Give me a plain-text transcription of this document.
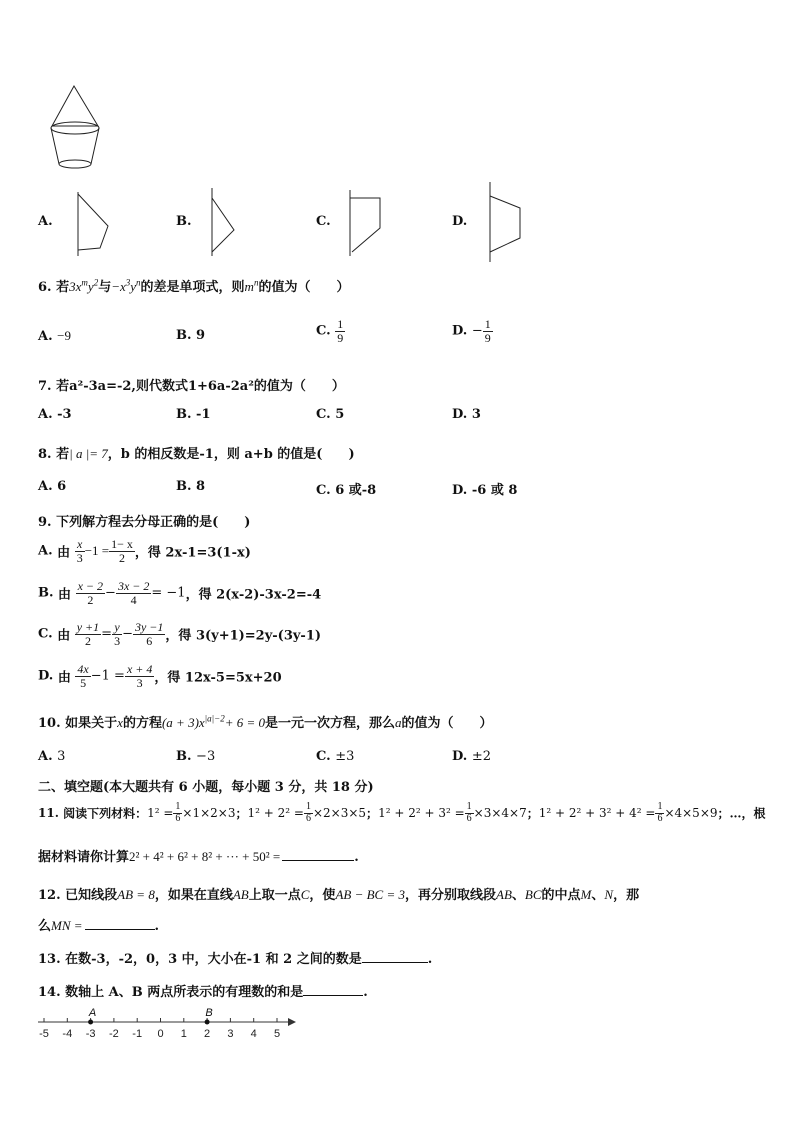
A.	B.	C.	D.
6. 若$3x^my^2$与$-x^3y^n$的差是单项式，则$m^n$的值为（　　）
A. −9	B. 9	C. $\frac{1}{9}$	D. − $\frac{1}{9}$
7. 若a²-3a=-2,则代数式1+6a-2a²的值为（　　）
A. -3	B. -1	C. 5	D. 3
8. 若| a |= 7，b 的相反数是-1，则 a+b 的值是(　　)
A. 6	B. 8	C. 6 或-8	D. -6 或 8
9. 下列解方程去分母正确的是(　　)
A. 由 $\frac{x}{3} -1 = \frac{1- x}{2}$ ，得 2x-1=3(1-x)
B. 由 $\frac{x - 2}{2} - \frac{3x - 2}{4} = -1$，得 2(x-2)-3x-2=-4
C. 由 $\frac{y +1}{2} = \frac{y}{3} - \frac{3y -1}{6}$ ，得 3(y+1)=2y-(3y-1)
D. 由 $\frac{4x}{5} -1 = \frac{x + 4}{3}$ ，得 12x-5=5x+20
10. 如果关于x的方程$(a + 3)x^{|a|-2}+ 6 = 0$是一元一次方程，那么a的值为（　　）
A. 3	B. −3	C. ±3	D. ±2
二、填空题(本大题共有 6 小题，每小题 3 分，共 18 分)
11. 阅读下列材料：$1^2 = \frac{1}{6} \times 1\times 2\times 3$；$1^2 + 2^2 = \frac{1}{6} \times 2\times 3\times 5$；$1^2 + 2^2 + 3^2 = \frac{1}{6} \times 3\times 4\times 7$；$1^2 + 2^2 + 3^2 + 4^2 = \frac{1}{6} \times 4\times 5\times 9$；…，根
据材料请你计算2² + 4² + 6² + 8² + ··· + 50² =	.
12. 已知线段AB = 8，如果在直线AB上取一点C，使AB − BC = 3，再分别取线段AB、BC的中点M、N，那
么MN =	.
13. 在数-3，-2，0，3 中，大小在-1 和 2 之间的数是	.
14. 数轴上 A、B 两点所表示的有理数的和是	.
-5 -4 -3 -2 -1 0 1 2 3 4 5
A	B
